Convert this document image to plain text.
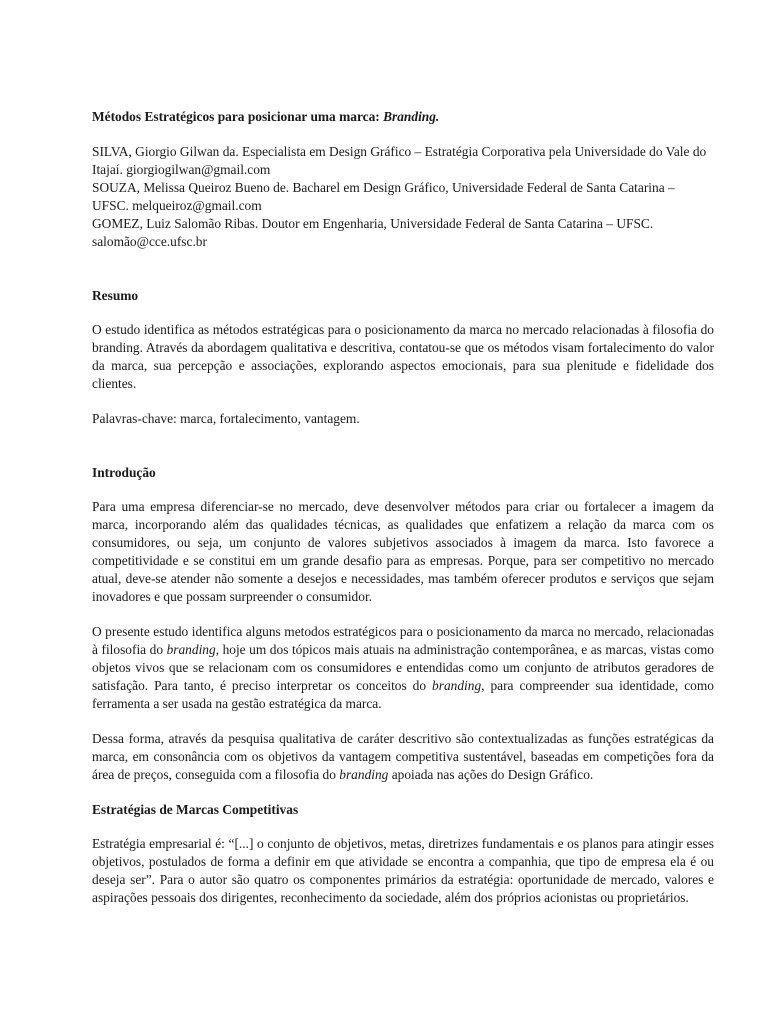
Métodos Estratégicos para posicionar uma marca: Branding.

SILVA, Giorgio Gilwan da. Especialista em Design Gráfico – Estratégia Corporativa pela Universidade do Vale do Itajaí. giorgiogilwan@gmail.com

SOUZA, Melissa Queiroz Bueno de. Bacharel em Design Gráfico, Universidade Federal de Santa Catarina – UFSC. melqueiroz@gmail.com

GOMEZ, Luiz Salomão Ribas. Doutor em Engenharia, Universidade Federal de Santa Catarina – UFSC. salomão@cce.ufsc.br

Resumo

O estudo identifica as métodos estratégicas para o posicionamento da marca no mercado relacionadas à filosofia do branding. Através da abordagem qualitativa e descritiva, contatou-se que os métodos visam fortalecimento do valor da marca, sua percepção e associações, explorando aspectos emocionais, para sua plenitude e fidelidade dos clientes.

Palavras-chave: marca, fortalecimento, vantagem.

Introdução

Para uma empresa diferenciar-se no mercado, deve desenvolver métodos para criar ou fortalecer a imagem da marca, incorporando além das qualidades técnicas, as qualidades que enfatizem a relação da marca com os consumidores, ou seja, um conjunto de valores subjetivos associados à imagem da marca. Isto favorece a competitividade e se constitui em um grande desafio para as empresas. Porque, para ser competitivo no mercado atual, deve-se atender não somente a desejos e necessidades, mas também oferecer produtos e serviços que sejam inovadores e que possam surpreender o consumidor.

O presente estudo identifica alguns metodos estratégicos para o posicionamento da marca no mercado, relacionadas à filosofia do branding, hoje um dos tópicos mais atuais na administração contemporânea, e as marcas, vistas como objetos vivos que se relacionam com os consumidores e entendidas como um conjunto de atributos geradores de satisfação. Para tanto, é preciso interpretar os conceitos do branding, para compreender sua identidade, como ferramenta a ser usada na gestão estratégica da marca.

Dessa forma, através da pesquisa qualitativa de caráter descritivo são contextualizadas as funções estratégicas da marca, em consonância com os objetivos da vantagem competitiva sustentável, baseadas em competições fora da área de preços, conseguida com a filosofia do branding apoiada nas ações do Design Gráfico.

Estratégias de Marcas Competitivas

Estratégia empresarial é: “[...] o conjunto de objetivos, metas, diretrizes fundamentais e os planos para atingir esses objetivos, postulados de forma a definir em que atividade se encontra a companhia, que tipo de empresa ela é ou deseja ser”. Para o autor são quatro os componentes primários da estratégia: oportunidade de mercado, valores e aspirações pessoais dos dirigentes, reconhecimento da sociedade, além dos próprios acionistas ou proprietários.
